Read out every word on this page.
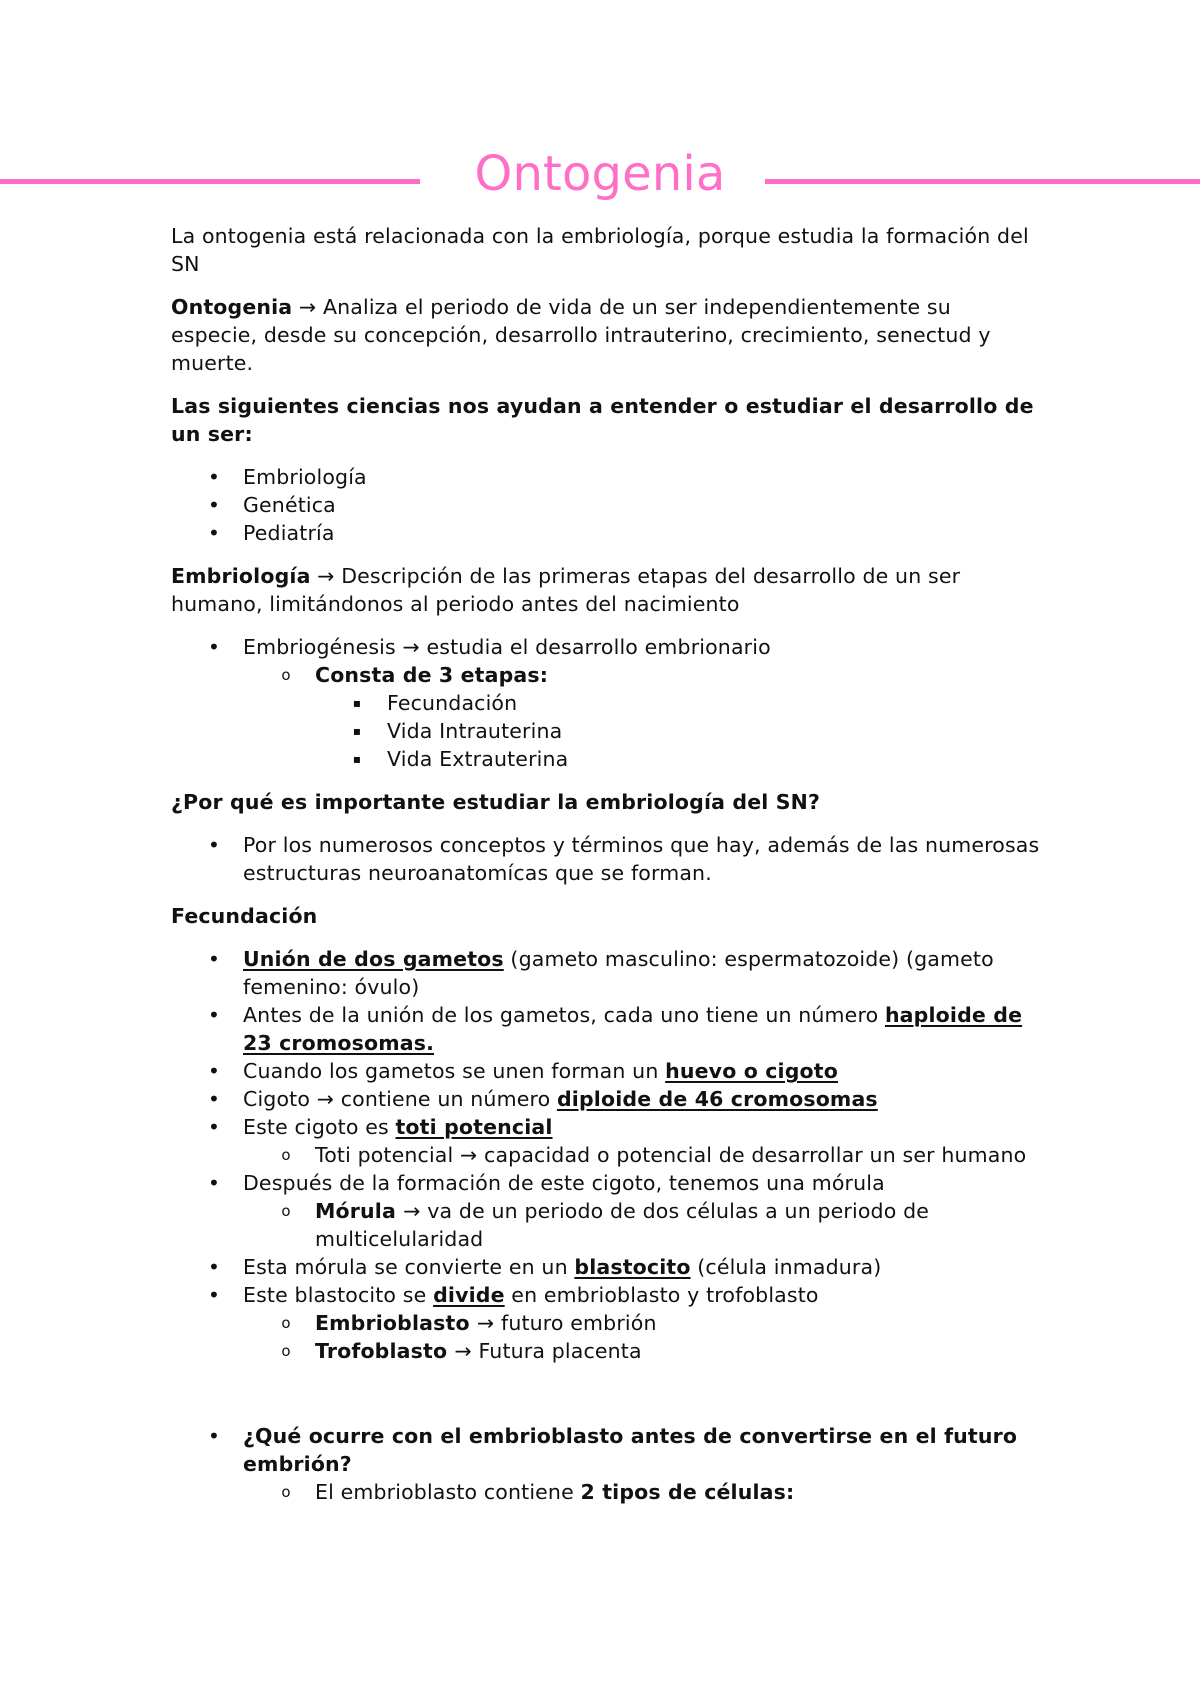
Ontogenia

La ontogenia está relacionada con la embriología, porque estudia la formación del SN

Ontogenia → Analiza el periodo de vida de un ser independientemente su especie, desde su concepción, desarrollo intrauterino, crecimiento, senectud y muerte.

Las siguientes ciencias nos ayudan a entender o estudiar el desarrollo de un ser:

• Embriología
• Genética
• Pediatría

Embriología → Descripción de las primeras etapas del desarrollo de un ser humano, limitándonos al periodo antes del nacimiento

• Embriogénesis → estudia el desarrollo embrionario
o Consta de 3 etapas:
▪ Fecundación
▪ Vida Intrauterina
▪ Vida Extrauterina

¿Por qué es importante estudiar la embriología del SN?

• Por los numerosos conceptos y términos que hay, además de las numerosas estructuras neuroanatomícas que se forman.

Fecundación

• Unión de dos gametos (gameto masculino: espermatozoide) (gameto femenino: óvulo)
• Antes de la unión de los gametos, cada uno tiene un número haploide de 23 cromosomas.
• Cuando los gametos se unen forman un huevo o cigoto
• Cigoto → contiene un número diploide de 46 cromosomas
• Este cigoto es toti potencial
o Toti potencial → capacidad o potencial de desarrollar un ser humano
• Después de la formación de este cigoto, tenemos una mórula
o Mórula → va de un periodo de dos células a un periodo de multicelularidad
• Esta mórula se convierte en un blastocito (célula inmadura)
• Este blastocito se divide en embrioblasto y trofoblasto
o Embrioblasto → futuro embrión
o Trofoblasto → Futura placenta
• ¿Qué ocurre con el embrioblasto antes de convertirse en el futuro embrión?
o El embrioblasto contiene 2 tipos de células:
